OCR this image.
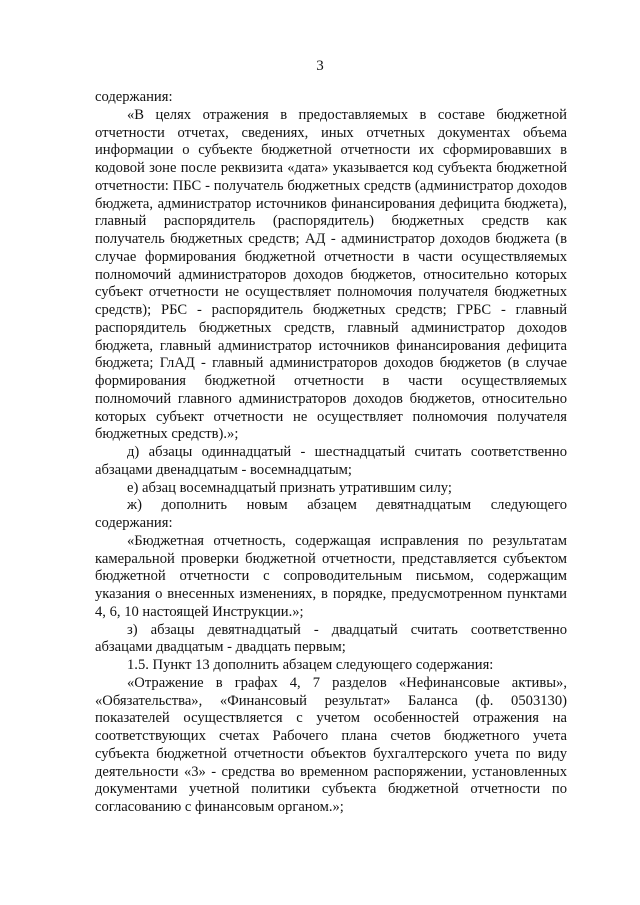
3

содержания:

«В целях отражения в предоставляемых в составе бюджетной отчетности отчетах, сведениях, иных отчетных документах объема информации о субъекте бюджетной отчетности их сформировавших в кодовой зоне после реквизита «дата» указывается код субъекта бюджетной отчетности: ПБС - получатель бюджетных средств (администратор доходов бюджета, администратор источников финансирования дефицита бюджета), главный распорядитель (распорядитель) бюджетных средств как получатель бюджетных средств; АД - администратор доходов бюджета (в случае формирования бюджетной отчетности в части осуществляемых полномочий администраторов доходов бюджетов, относительно которых субъект отчетности не осуществляет полномочия получателя бюджетных средств); РБС - распорядитель бюджетных средств; ГРБС - главный распорядитель бюджетных средств, главный администратор доходов бюджета, главный администратор источников финансирования дефицита бюджета; ГлАД - главный администраторов доходов бюджетов (в случае формирования бюджетной отчетности в части осуществляемых полномочий главного администраторов доходов бюджетов, относительно которых субъект отчетности не осуществляет полномочия получателя бюджетных средств).»;

д) абзацы одиннадцатый - шестнадцатый считать соответственно абзацами двенадцатым - восемнадцатым;

е) абзац восемнадцатый признать утратившим силу;

ж) дополнить новым абзацем девятнадцатым следующего содержания:

«Бюджетная отчетность, содержащая исправления по результатам камеральной проверки бюджетной отчетности, представляется субъектом бюджетной отчетности с сопроводительным письмом, содержащим указания о внесенных изменениях, в порядке, предусмотренном пунктами 4, 6, 10 настоящей Инструкции.»;

з) абзацы девятнадцатый - двадцатый считать соответственно абзацами двадцатым - двадцать первым;

1.5. Пункт 13 дополнить абзацем следующего содержания:

«Отражение в графах 4, 7 разделов «Нефинансовые активы», «Обязательства», «Финансовый результат» Баланса (ф. 0503130) показателей осуществляется с учетом особенностей отражения на соответствующих счетах Рабочего плана счетов бюджетного учета субъекта бюджетной отчетности объектов бухгалтерского учета по виду деятельности «3» - средства во временном распоряжении, установленных документами учетной политики субъекта бюджетной отчетности по согласованию с финансовым органом.»;
